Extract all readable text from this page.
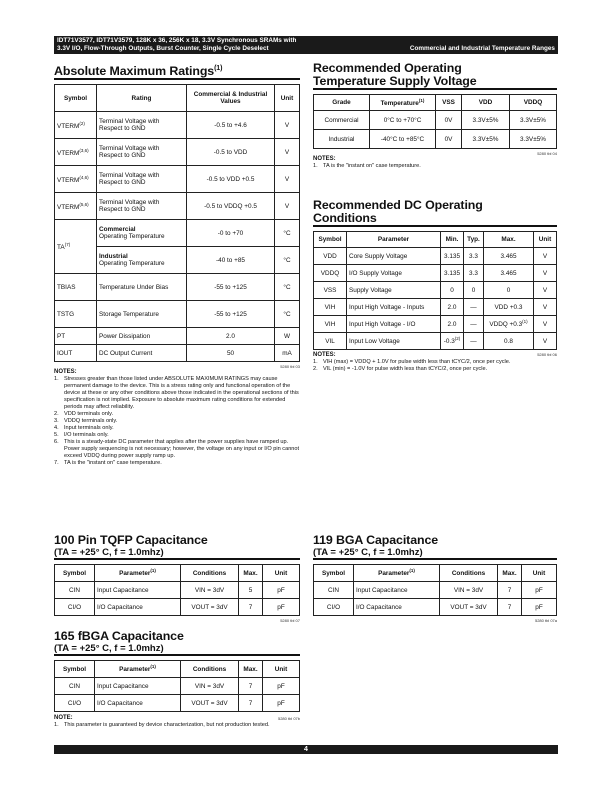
IDT71V3577, IDT71V3579, 128K x 36, 256K x 18, 3.3V Synchronous SRAMs with
3.3V I/O, Flow-Through Outputs, Burst Counter, Single Cycle Deselect	Commercial and Industrial Temperature Ranges
Absolute Maximum Ratings$^{(1)}$
Symbol	Rating	Commercial & Industrial Values	Unit
VTERM$^{(2)}$	Terminal Voltage with Respect to GND	-0.5 to +4.6	V
VTERM$^{(3,6)}$	Terminal Voltage with Respect to GND	-0.5 to VDD	V
VTERM$^{(4,6)}$	Terminal Voltage with Respect to GND	-0.5 to VDD +0.5	V
VTERM$^{(5,6)}$	Terminal Voltage with Respect to GND	-0.5 to VDDQ +0.5	V
TA$^{(7)}$	Commercial
Operating Temperature	-0 to +70	°C

	Industrial
Operating Temperature	-40 to +85	°C
TBIAS	Temperature Under Bias	-55 to +125	°C
TSTG	Storage Temperature	-55 to +125	°C
PT	Power Dissipation	2.0	W
IOUT	DC Output Current	50	mA
5280 tbl 03
NOTES:
1. Stresses greater than those listed under ABSOLUTE MAXIMUM RATINGS may cause permanent damage to the device. This is a stress rating only and functional operation of the device at these or any other conditions above those indicated in the operational sections of this specification is not implied. Exposure to absolute maximum rating conditions for extended periods may affect reliability.
2. VDD terminals only.
3. VDDQ terminals only.
4. Input terminals only.
5. I/O terminals only.
6. This is a steady-state DC parameter that applies after the power supplies have ramped up. Power supply sequencing is not necessary; however, the voltage on any input or I/O pin cannot exceed VDDQ during power supply ramp up.
7. TA is the "instant on" case temperature.
Recommended Operating
Temperature Supply Voltage
Grade	Temperature$^{(1)}$	VSS	VDD	VDDQ
Commercial	0°C to +70°C	0V	3.3V±5%	3.3V±5%
Industrial	-40°C to +85°C	0V	3.3V±5%	3.3V±5%
5280 tbl 04
NOTES:
1. TA is the "instant on" case temperature.
Recommended DC Operating
Conditions
Symbol	Parameter	Min.	Typ.	Max.	Unit
VDD	Core Supply Voltage	3.135	3.3	3.465	V
VDDQ	I/O Supply Voltage	3.135	3.3	3.465	V
VSS	Supply Voltage	0	0	0	V
VIH	Input High Voltage - Inputs	2.0	—	VDD +0.3	V
VIH	Input High Voltage - I/O	2.0	—	VDDQ $+0.3^{(1)}$	V
VIL	Input Low Voltage	-0.3$^{(2)}$	—	0.8	V
5280 tbl 06
NOTES:
1. VIH (max) = VDDQ + 1.0V for pulse width less than tCYC/2, once per cycle.
2. VIL (min) = -1.0V for pulse width less than tCYC/2, once per cycle.
100 Pin TQFP Capacitance
(TA = +25° C, f = 1.0mhz)
Symbol	Parameter$^{(1)}$	Conditions	Max.	Unit
CIN	Input Capacitance	VIN = 3dV	5	pF
CI/O	I/O Capacitance	VOUT = 3dV	7	pF
5280 tbl 07
119 BGA Capacitance
(TA = +25° C, f = 1.0mhz)
Symbol	Parameter$^{(1)}$	Conditions	Max.	Unit
CIN	Input Capacitance	VIN = 3dV	7	pF
CI/O	I/O Capacitance	VOUT = 3dV	7	pF
5280 tbl 07a
165 fBGA Capacitance
(TA = +25° C, f = 1.0mhz)
Symbol	Parameter$^{(1)}$	Conditions	Max.	Unit
CIN	Input Capacitance	VIN = 3dV	7	pF
CI/O	I/O Capacitance	VOUT = 3dV	7	pF
NOTE:	5280 tbl 07b
1. This parameter is guaranteed by device characterization, but not production tested.
4
